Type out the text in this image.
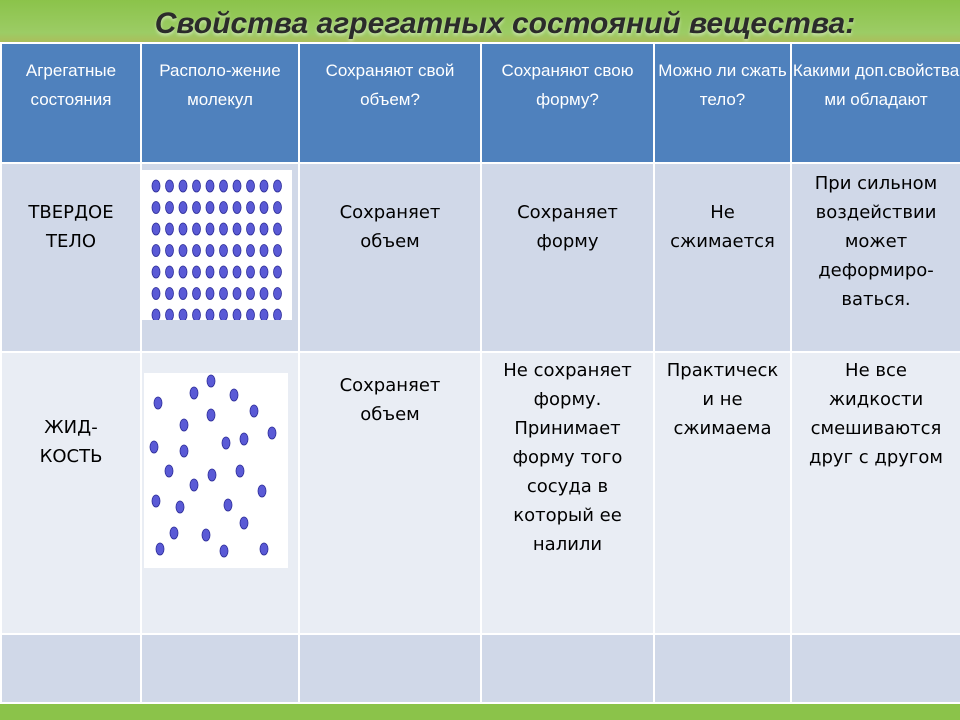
Свойства агрегатных состояний вещества:
Агрегатные состояния	Располо-жение молекул	Сохраняют свой объем?	Сохраняют свою форму?	Можно ли сжать тело?	Какими доп.свойства ми обладают
ТВЕРДОЕ ТЕЛО		Сохраняет объем	Сохраняет форму	Не сжимается	При сильном воздействии может деформиро-ваться.
ЖИД-КОСТЬ		Сохраняет объем	Не сохраняет форму. Принимает форму того сосуда в который ее налили	Практическ и не сжимаема	Не все жидкости смешиваются друг с другом
